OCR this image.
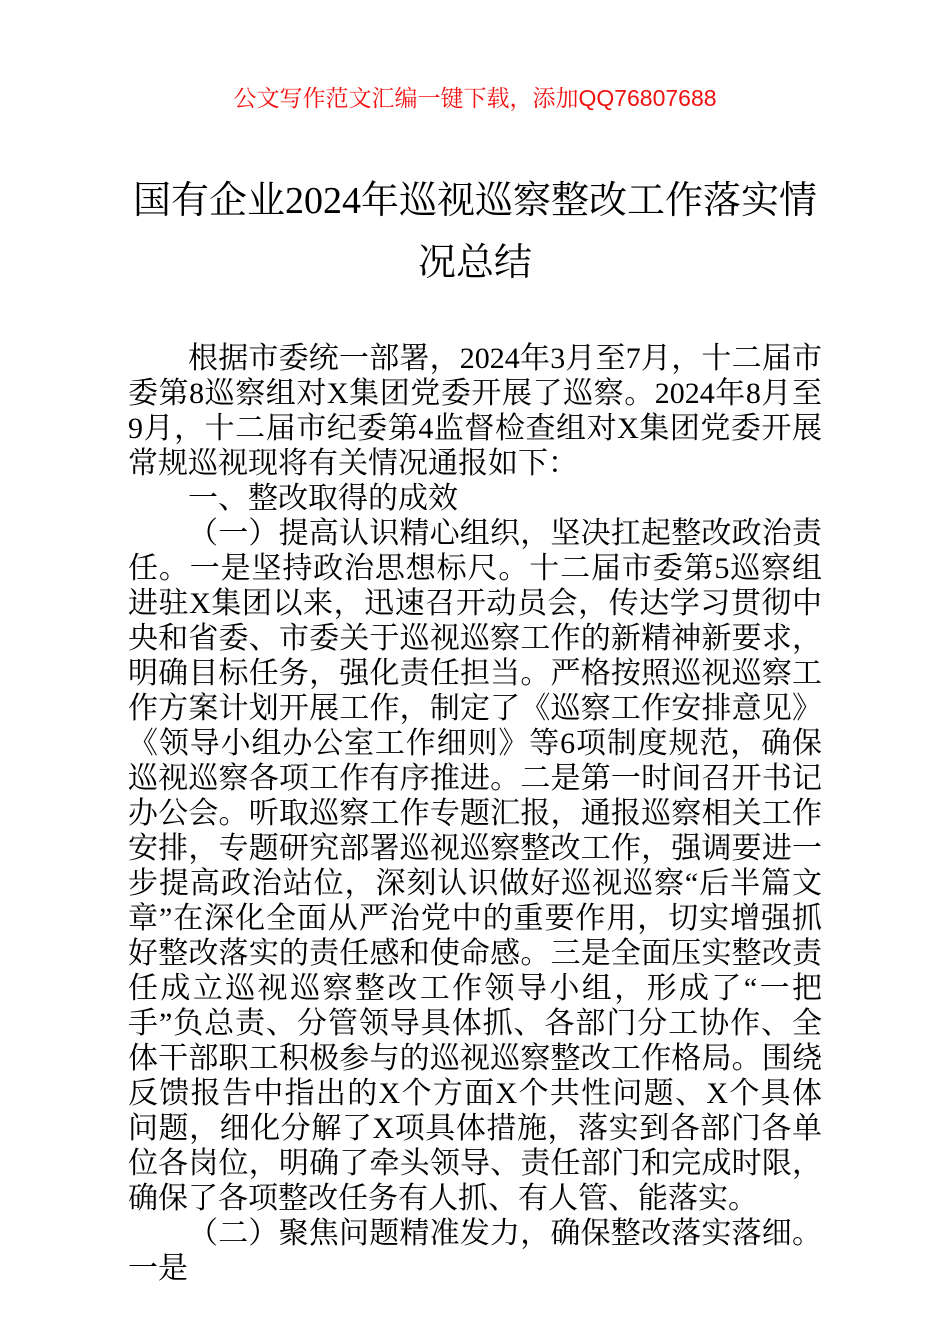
公文写作范文汇编一键下载，添加QQ76807688
国有企业2024年巡视巡察整改工作落实情况总结

根据市委统一部署，2024年3月至7月，十二届市委第8巡察组对X集团党委开展了巡察。2024年8月至9月，十二届市纪委第4监督检查组对X集团党委开展常规巡视现将有关情况通报如下：

一、整改取得的成效

（一）提高认识精心组织，坚决扛起整改政治责任。一是坚持政治思想标尺。十二届市委第5巡察组进驻X集团以来，迅速召开动员会，传达学习贯彻中央和省委、市委关于巡视巡察工作的新精神新要求，明确目标任务，强化责任担当。严格按照巡视巡察工作方案计划开展工作，制定了《巡察工作安排意见》《领导小组办公室工作细则》等6项制度规范，确保巡视巡察各项工作有序推进。二是第一时间召开书记办公会。听取巡察工作专题汇报，通报巡察相关工作安排，专题研究部署巡视巡察整改工作，强调要进一步提高政治站位，深刻认识做好巡视巡察“后半篇文章”在深化全面从严治党中的重要作用，切实增强抓好整改落实的责任感和使命感。三是全面压实整改责任成立巡视巡察整改工作领导小组，形成了“一把手”负总责、分管领导具体抓、各部门分工协作、全体干部职工积极参与的巡视巡察整改工作格局。围绕反馈报告中指出的X个方面X个共性问题、X个具体问题，细化分解了X项具体措施，落实到各部门各单位各岗位，明确了牵头领导、责任部门和完成时限，确保了各项整改任务有人抓、有人管、能落实。

（二）聚焦问题精准发力，确保整改落实落细。一是
